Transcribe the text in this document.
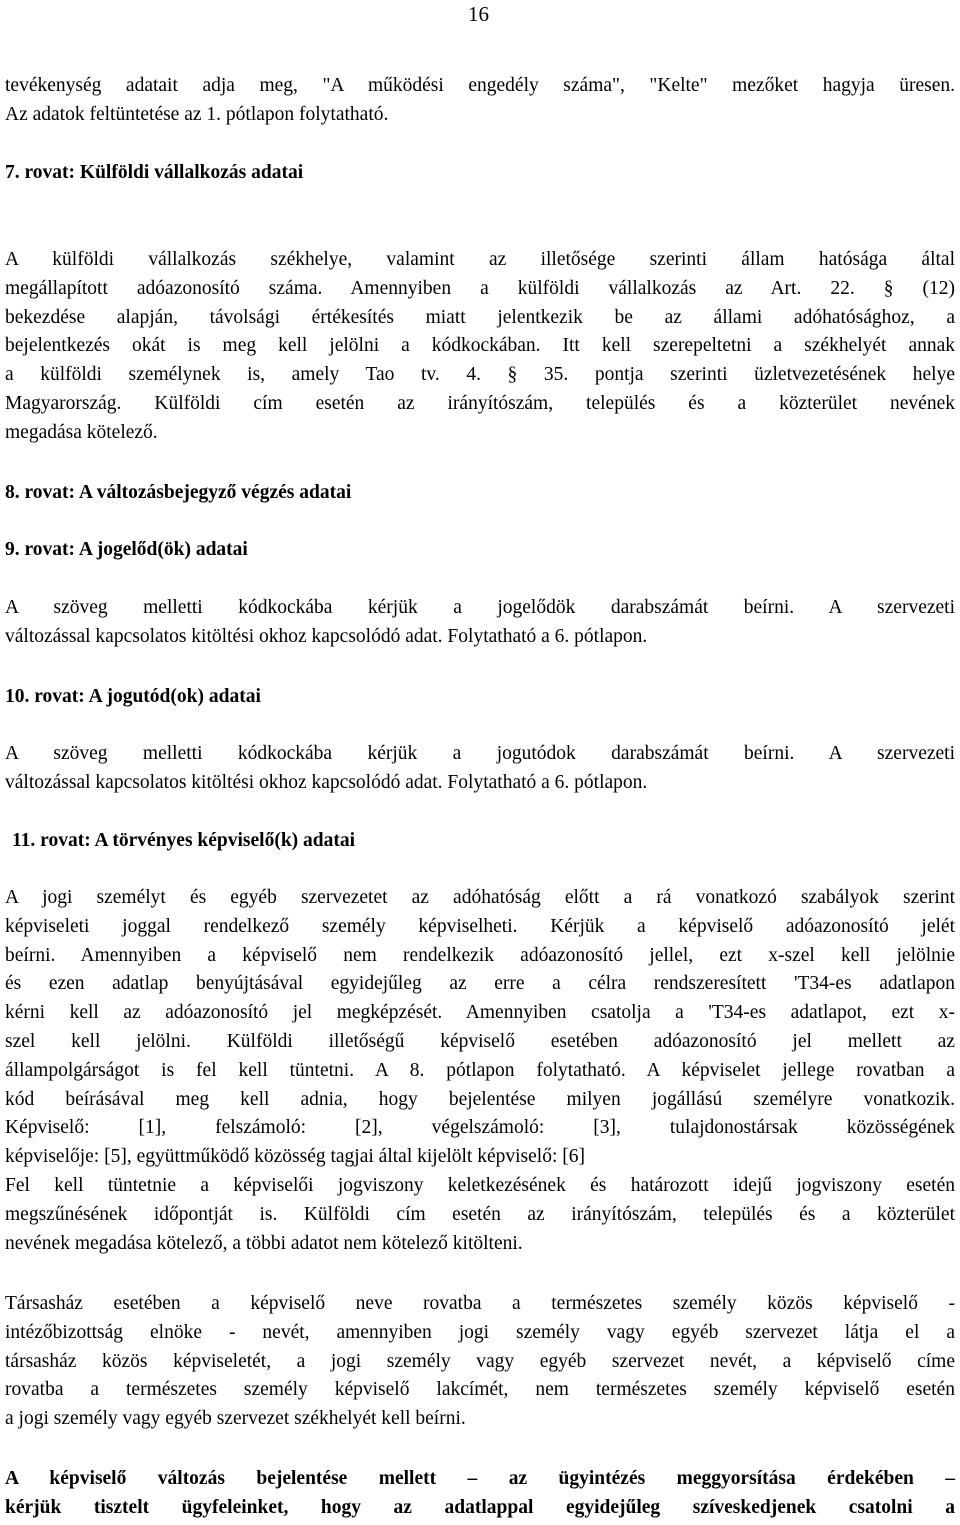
16
tevékenység adatait adja meg, "A működési engedély száma", "Kelte" mezőket hagyja üresen.
Az adatok feltüntetése az 1. pótlapon folytatható.
7. rovat: Külföldi vállalkozás adatai
A külföldi vállalkozás székhelye, valamint az illetősége szerinti állam hatósága által
megállapított adóazonosító száma. Amennyiben a külföldi vállalkozás az Art. 22. § (12)
bekezdése alapján, távolsági értékesítés miatt jelentkezik be az állami adóhatósághoz, a
bejelentkezés okát is meg kell jelölni a kódkockában. Itt kell szerepeltetni a székhelyét annak
a külföldi személynek is, amely Tao tv. 4. § 35. pontja szerinti üzletvezetésének helye
Magyarország. Külföldi cím esetén az irányítószám, település és a közterület nevének
megadása kötelező.
8. rovat: A változásbejegyző végzés adatai
9. rovat: A jogelőd(ök) adatai
A szöveg melletti kódkockába kérjük a jogelődök darabszámát beírni. A szervezeti
változással kapcsolatos kitöltési okhoz kapcsolódó adat. Folytatható a 6. pótlapon.
10. rovat: A jogutód(ok) adatai
A szöveg melletti kódkockába kérjük a jogutódok darabszámát beírni. A szervezeti
változással kapcsolatos kitöltési okhoz kapcsolódó adat. Folytatható a 6. pótlapon.
11. rovat: A törvényes képviselő(k) adatai
A jogi személyt és egyéb szervezetet az adóhatóság előtt a rá vonatkozó szabályok szerint
képviseleti joggal rendelkező személy képviselheti. Kérjük a képviselő adóazonosító jelét
beírni. Amennyiben a képviselő nem rendelkezik adóazonosító jellel, ezt x-szel kell jelölnie
és ezen adatlap benyújtásával egyidejűleg az erre a célra rendszeresített 'T34-es adatlapon
kérni kell az adóazonosító jel megképzését. Amennyiben csatolja a 'T34-es adatlapot, ezt x-
szel kell jelölni. Külföldi illetőségű képviselő esetében adóazonosító jel mellett az
állampolgárságot is fel kell tüntetni. A 8. pótlapon folytatható. A képviselet jellege rovatban a
kód beírásával meg kell adnia, hogy bejelentése milyen jogállású személyre vonatkozik.
Képviselő: [1], felszámoló: [2], végelszámoló: [3], tulajdonostársak közösségének
képviselője: [5], együttműködő közösség tagjai által kijelölt képviselő: [6]
Fel kell tüntetnie a képviselői jogviszony keletkezésének és határozott idejű jogviszony esetén
megszűnésének időpontját is. Külföldi cím esetén az irányítószám, település és a közterület
nevének megadása kötelező, a többi adatot nem kötelező kitölteni.
Társasház esetében a képviselő neve rovatba a természetes személy közös képviselő -
intézőbizottság elnöke - nevét, amennyiben jogi személy vagy egyéb szervezet látja el a
társasház közös képviseletét, a jogi személy vagy egyéb szervezet nevét, a képviselő címe
rovatba a természetes személy képviselő lakcímét, nem természetes személy képviselő esetén
a jogi személy vagy egyéb szervezet székhelyét kell beírni.
A képviselő változás bejelentése mellett – az ügyintézés meggyorsítása érdekében –
kérjük tisztelt ügyfeleinket, hogy az adatlappal egyidejűleg szíveskedjenek csatolni a
